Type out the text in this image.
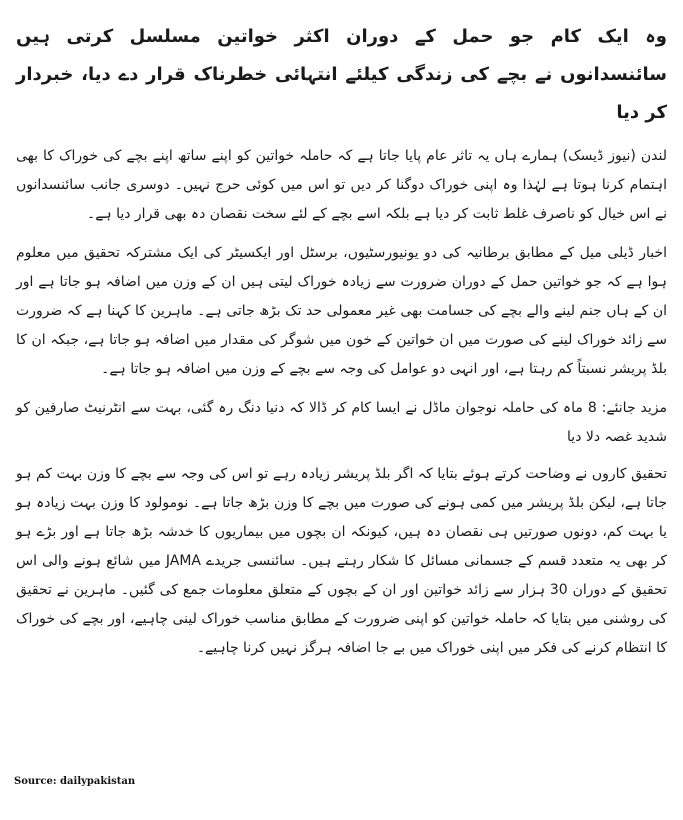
وہ ایک کام جو حمل کے دوران اکثر خواتین مسلسل کرتی ہیں سائنسدانوں نے بچے کی زندگی کیلئے انتہائی خطرناک قرار دے دیا، خبردار کر دیا

لندن (نیوز ڈیسک) ہمارے ہاں یہ تاثر عام پایا جاتا ہے کہ حاملہ خواتین کو اپنے ساتھ اپنے بچے کی خوراک کا بھی اہتمام کرنا ہوتا ہے لہٰذا وہ اپنی خوراک دوگنا کر دیں تو اس میں کوئی حرج نہیں۔ دوسری جانب سائنسدانوں نے اس خیال کو ناصرف غلط ثابت کر دیا ہے بلکہ اسے بچے کے لئے سخت نقصان دہ بھی قرار دیا ہے۔

اخبار ڈیلی میل کے مطابق برطانیہ کی دو یونیورسٹیوں، برسٹل اور ایکسیٹر کی ایک مشترکہ تحقیق میں معلوم ہوا ہے کہ جو خواتین حمل کے دوران ضرورت سے زیادہ خوراک لیتی ہیں ان کے وزن میں اضافہ ہو جاتا ہے اور ان کے ہاں جنم لینے والے بچے کی جسامت بھی غیر معمولی حد تک بڑھ جاتی ہے۔ ماہرین کا کہنا ہے کہ ضرورت سے زائد خوراک لینے کی صورت میں ان خواتین کے خون میں شوگر کی مقدار میں اضافہ ہو جاتا ہے، جبکہ ان کا بلڈ پریشر نسبتاً کم رہتا ہے، اور انہی دو عوامل کی وجہ سے بچے کے وزن میں اضافہ ہو جاتا ہے۔

مزید جانئے: 8 ماہ کی حاملہ نوجوان ماڈل نے ایسا کام کر ڈالا کہ دنیا دنگ رہ گئی، بہت سے انٹرنیٹ صارفین کو شدید غصہ دلا دیا

تحقیق کاروں نے وضاحت کرتے ہوئے بتایا کہ اگر بلڈ پریشر زیادہ رہے تو اس کی وجہ سے بچے کا وزن بہت کم ہو جاتا ہے، لیکن بلڈ پریشر میں کمی ہونے کی صورت میں بچے کا وزن بڑھ جاتا ہے۔ نومولود کا وزن بہت زیادہ ہو یا بہت کم، دونوں صورتیں ہی نقصان دہ ہیں، کیونکہ ان بچوں میں بیماریوں کا خدشہ بڑھ جاتا ہے اور بڑے ہو کر بھی یہ متعدد قسم کے جسمانی مسائل کا شکار رہتے ہیں۔ سائنسی جریدے JAMA میں شائع ہونے والی اس تحقیق کے دوران 30 ہزار سے زائد خواتین اور ان کے بچوں کے متعلق معلومات جمع کی گئیں۔ ماہرین نے تحقیق کی روشنی میں بتایا کہ حاملہ خواتین کو اپنی ضرورت کے مطابق مناسب خوراک لینی چاہیے، اور بچے کی خوراک کا انتظام کرنے کی فکر میں اپنی خوراک میں بے جا اضافہ ہرگز نہیں کرنا چاہیے۔

Source: dailypakistan
